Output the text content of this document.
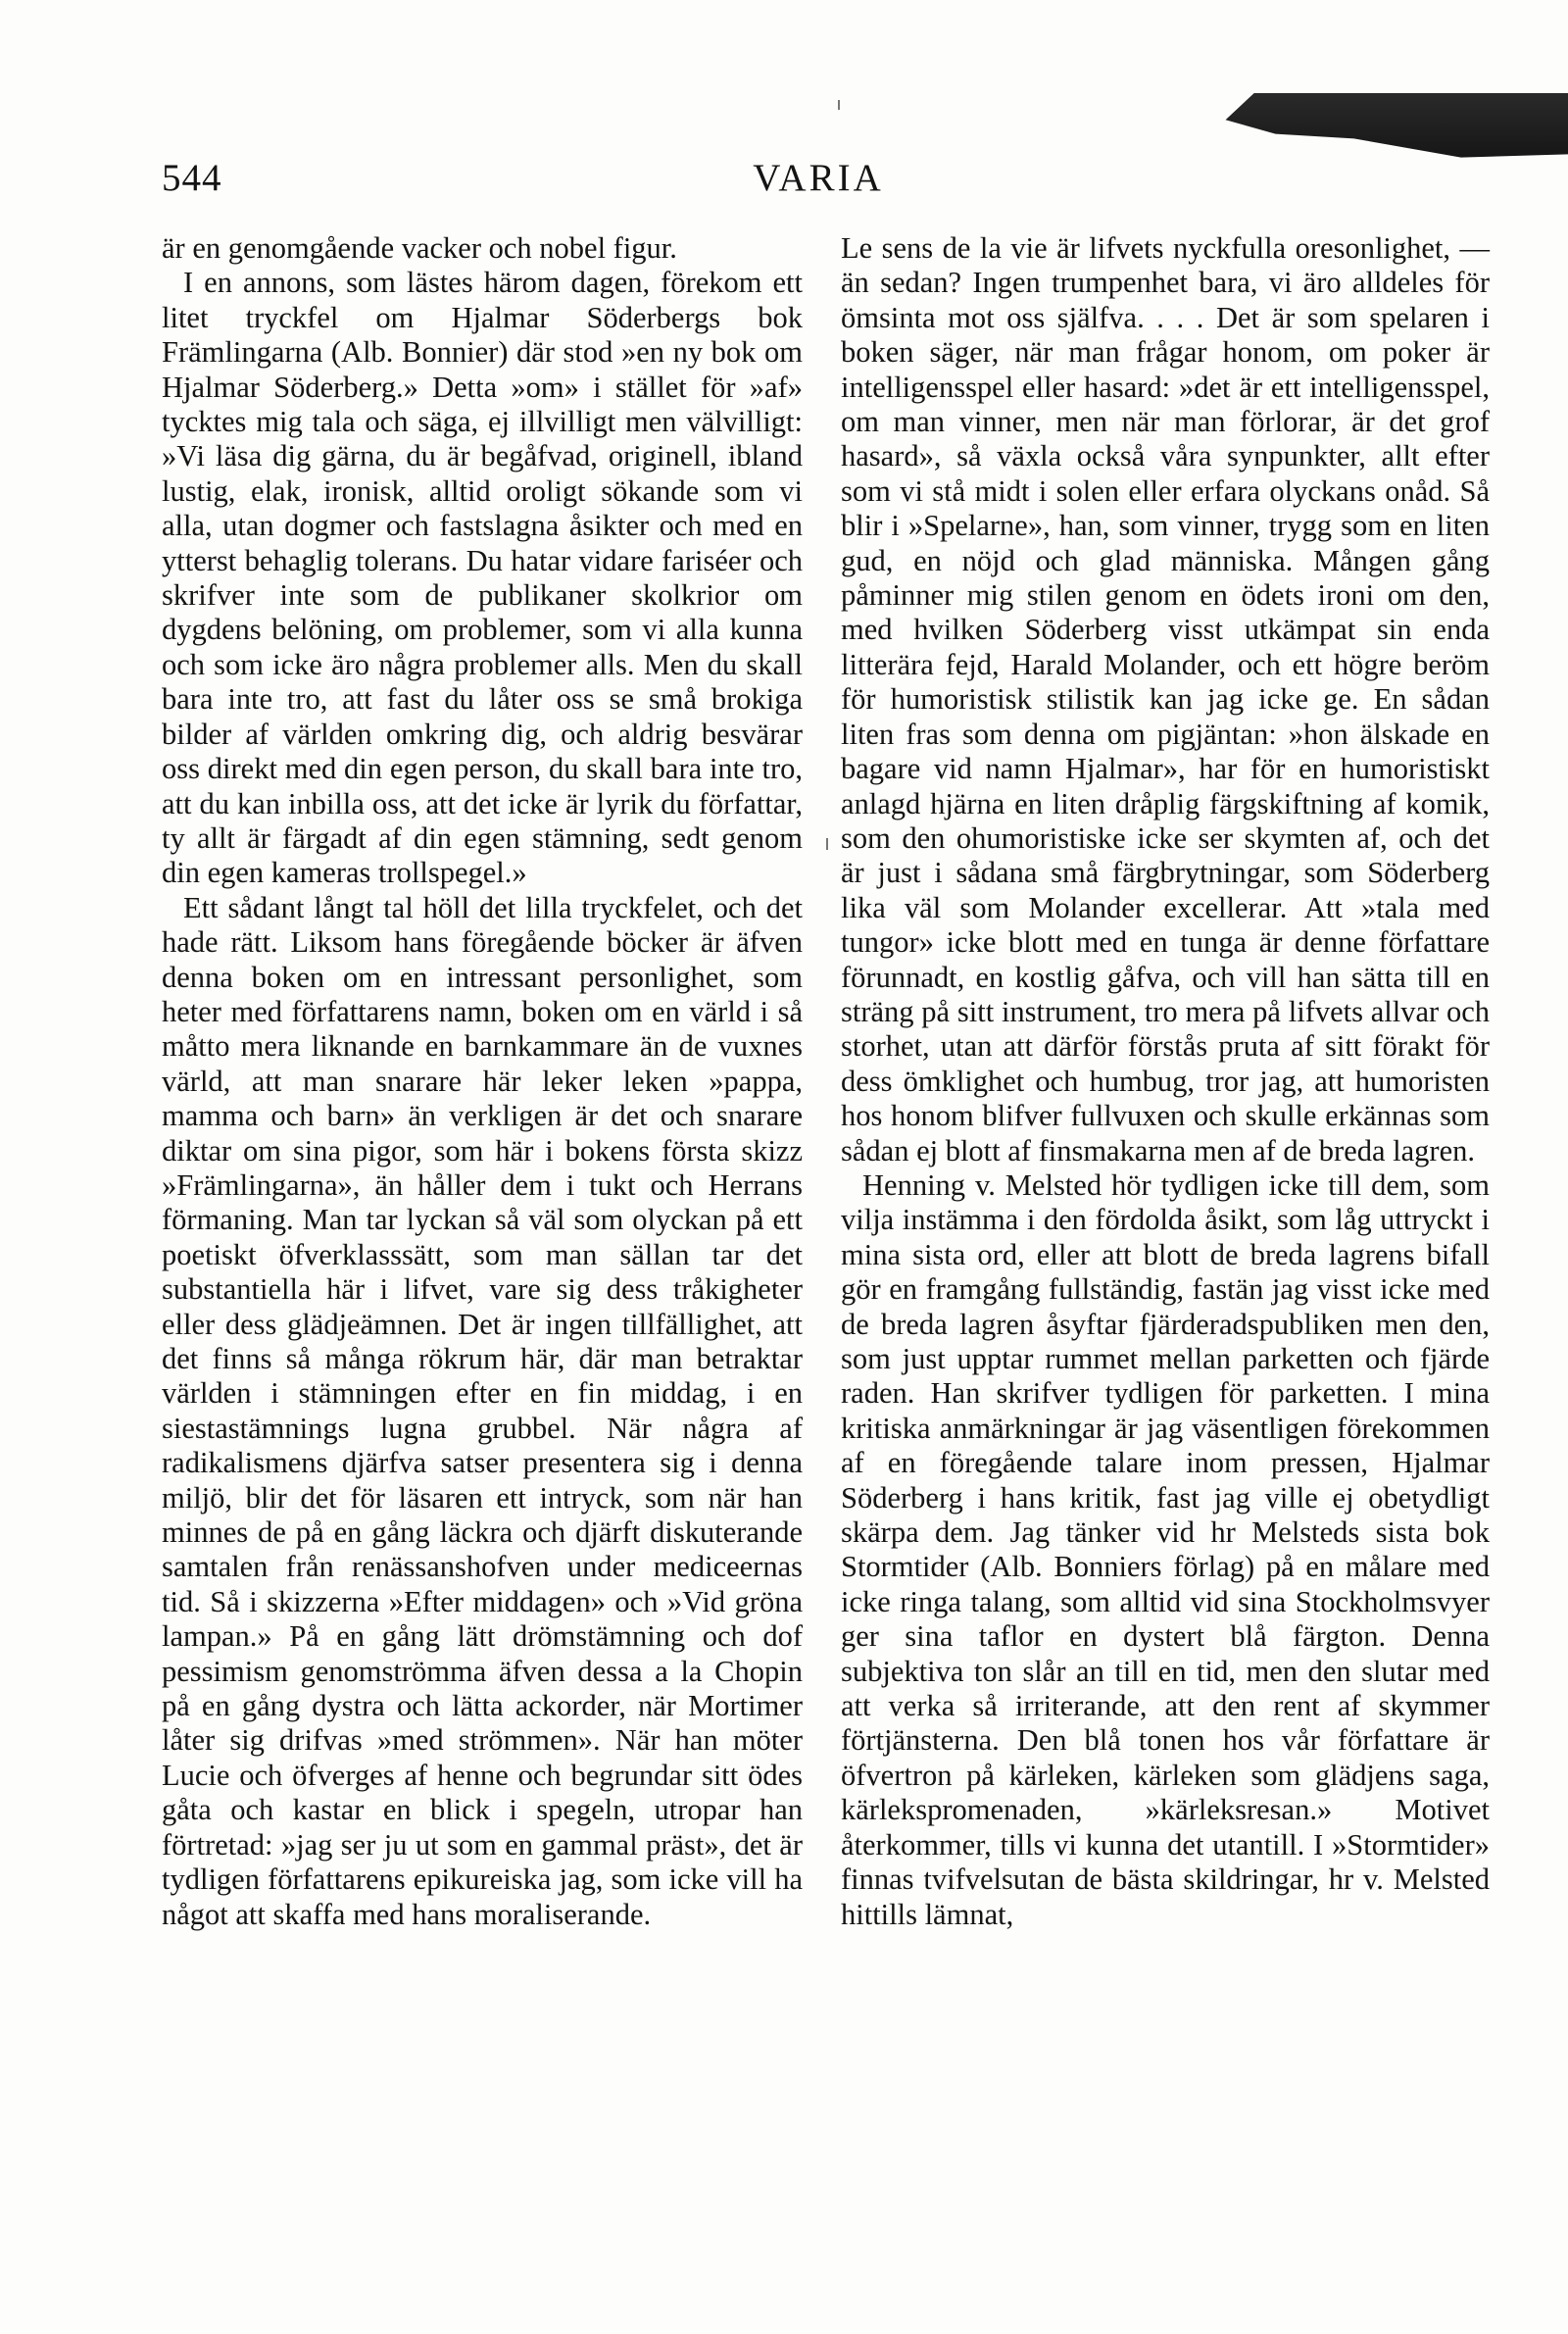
544	VARIA

är en genomgående vacker och nobel figur.

I en annons, som lästes härom dagen, förekom ett litet tryckfel om Hjalmar Söderbergs bok Främlingarna (Alb. Bonnier) där stod »en ny bok om Hjalmar Söderberg.» Detta »om» i stället för »af» tycktes mig tala och säga, ej illvilligt men välvilligt: »Vi läsa dig gärna, du är begåfvad, originell, ibland lustig, elak, ironisk, alltid oroligt sökande som vi alla, utan dogmer och fastslagna åsikter och med en ytterst behaglig tolerans. Du hatar vidare fariséer och skrifver inte som de publikaner skolkrior om dygdens belöning, om problemer, som vi alla kunna och som icke äro några problemer alls. Men du skall bara inte tro, att fast du låter oss se små brokiga bilder af världen omkring dig, och aldrig besvärar oss direkt med din egen person, du skall bara inte tro, att du kan inbilla oss, att det icke är lyrik du författar, ty allt är färgadt af din egen stämning, sedt genom din egen kameras trollspegel.»

Ett sådant långt tal höll det lilla tryckfelet, och det hade rätt. Liksom hans föregående böcker är äfven denna boken om en intressant personlighet, som heter med författarens namn, boken om en värld i så måtto mera liknande en barnkammare än de vuxnes värld, att man snarare här leker leken »pappa, mamma och barn» än verkligen är det och snarare diktar om sina pigor, som här i bokens första skizz »Främlingarna», än håller dem i tukt och Herrans förmaning. Man tar lyckan så väl som olyckan på ett poetiskt öfverklasssätt, som man sällan tar det substantiella här i lifvet, vare sig dess tråkigheter eller dess glädjeämnen. Det är ingen tillfällighet, att det finns så många rökrum här, där man betraktar världen i stämningen efter en fin middag, i en siestastämnings lugna grubbel. När några af radikalismens djärfva satser presentera sig i denna miljö, blir det för läsaren ett intryck, som när han minnes de på en gång läckra och djärft diskuterande samtalen från renässanshofven under mediceernas tid. Så i skizzerna »Efter middagen» och »Vid gröna lampan.» På en gång lätt drömstämning och dof pessimism genomströmma äfven dessa a la Chopin på en gång dystra och lätta ackorder, när Mortimer låter sig drifvas »med strömmen». När han möter Lucie och öfverges af henne och begrundar sitt ödes gåta och kastar en blick i spegeln, utropar han förtretad: »jag ser ju ut som en gammal präst», det är tydligen författarens epikureiska jag, som icke vill ha något att skaffa med hans moraliserande.

Le sens de la vie är lifvets nyckfulla oresonlighet, — än sedan? Ingen trumpenhet bara, vi äro alldeles för ömsinta mot oss själfva. . . . Det är som spelaren i boken säger, när man frågar honom, om poker är intelligensspel eller hasard: »det är ett intelligensspel, om man vinner, men när man förlorar, är det grof hasard», så växla också våra synpunkter, allt efter som vi stå midt i solen eller erfara olyckans onåd. Så blir i »Spelarne», han, som vinner, trygg som en liten gud, en nöjd och glad människa. Mången gång påminner mig stilen genom en ödets ironi om den, med hvilken Söderberg visst utkämpat sin enda litterära fejd, Harald Molander, och ett högre beröm för humoristisk stilistik kan jag icke ge. En sådan liten fras som denna om pigjäntan: »hon älskade en bagare vid namn Hjalmar», har för en humoristiskt anlagd hjärna en liten dråplig färgskiftning af komik, som den ohumoristiske icke ser skymten af, och det är just i sådana små färgbrytningar, som Söderberg lika väl som Molander excellerar. Att »tala med tungor» icke blott med en tunga är denne författare förunnadt, en kostlig gåfva, och vill han sätta till en sträng på sitt instrument, tro mera på lifvets allvar och storhet, utan att därför förstås pruta af sitt förakt för dess ömklighet och humbug, tror jag, att humoristen hos honom blifver fullvuxen och skulle erkännas som sådan ej blott af finsmakarna men af de breda lagren.

Henning v. Melsted hör tydligen icke till dem, som vilja instämma i den fördolda åsikt, som låg uttryckt i mina sista ord, eller att blott de breda lagrens bifall gör en framgång fullständig, fastän jag visst icke med de breda lagren åsyftar fjärderadspubliken men den, som just upptar rummet mellan parketten och fjärde raden. Han skrifver tydligen för parketten. I mina kritiska anmärkningar är jag väsentligen förekommen af en föregående talare inom pressen, Hjalmar Söderberg i hans kritik, fast jag ville ej obetydligt skärpa dem. Jag tänker vid hr Melsteds sista bok Stormtider (Alb. Bonniers förlag) på en målare med icke ringa talang, som alltid vid sina Stockholmsvyer ger sina taflor en dystert blå färgton. Denna subjektiva ton slår an till en tid, men den slutar med att verka så irriterande, att den rent af skymmer förtjänsterna. Den blå tonen hos vår författare är öfvertron på kärleken, kärleken som glädjens saga, kärlekspromenaden, »kärleksresan.» Motivet återkommer, tills vi kunna det utantill. I »Stormtider» finnas tvifvelsutan de bästa skildringar, hr v. Melsted hittills lämnat,
